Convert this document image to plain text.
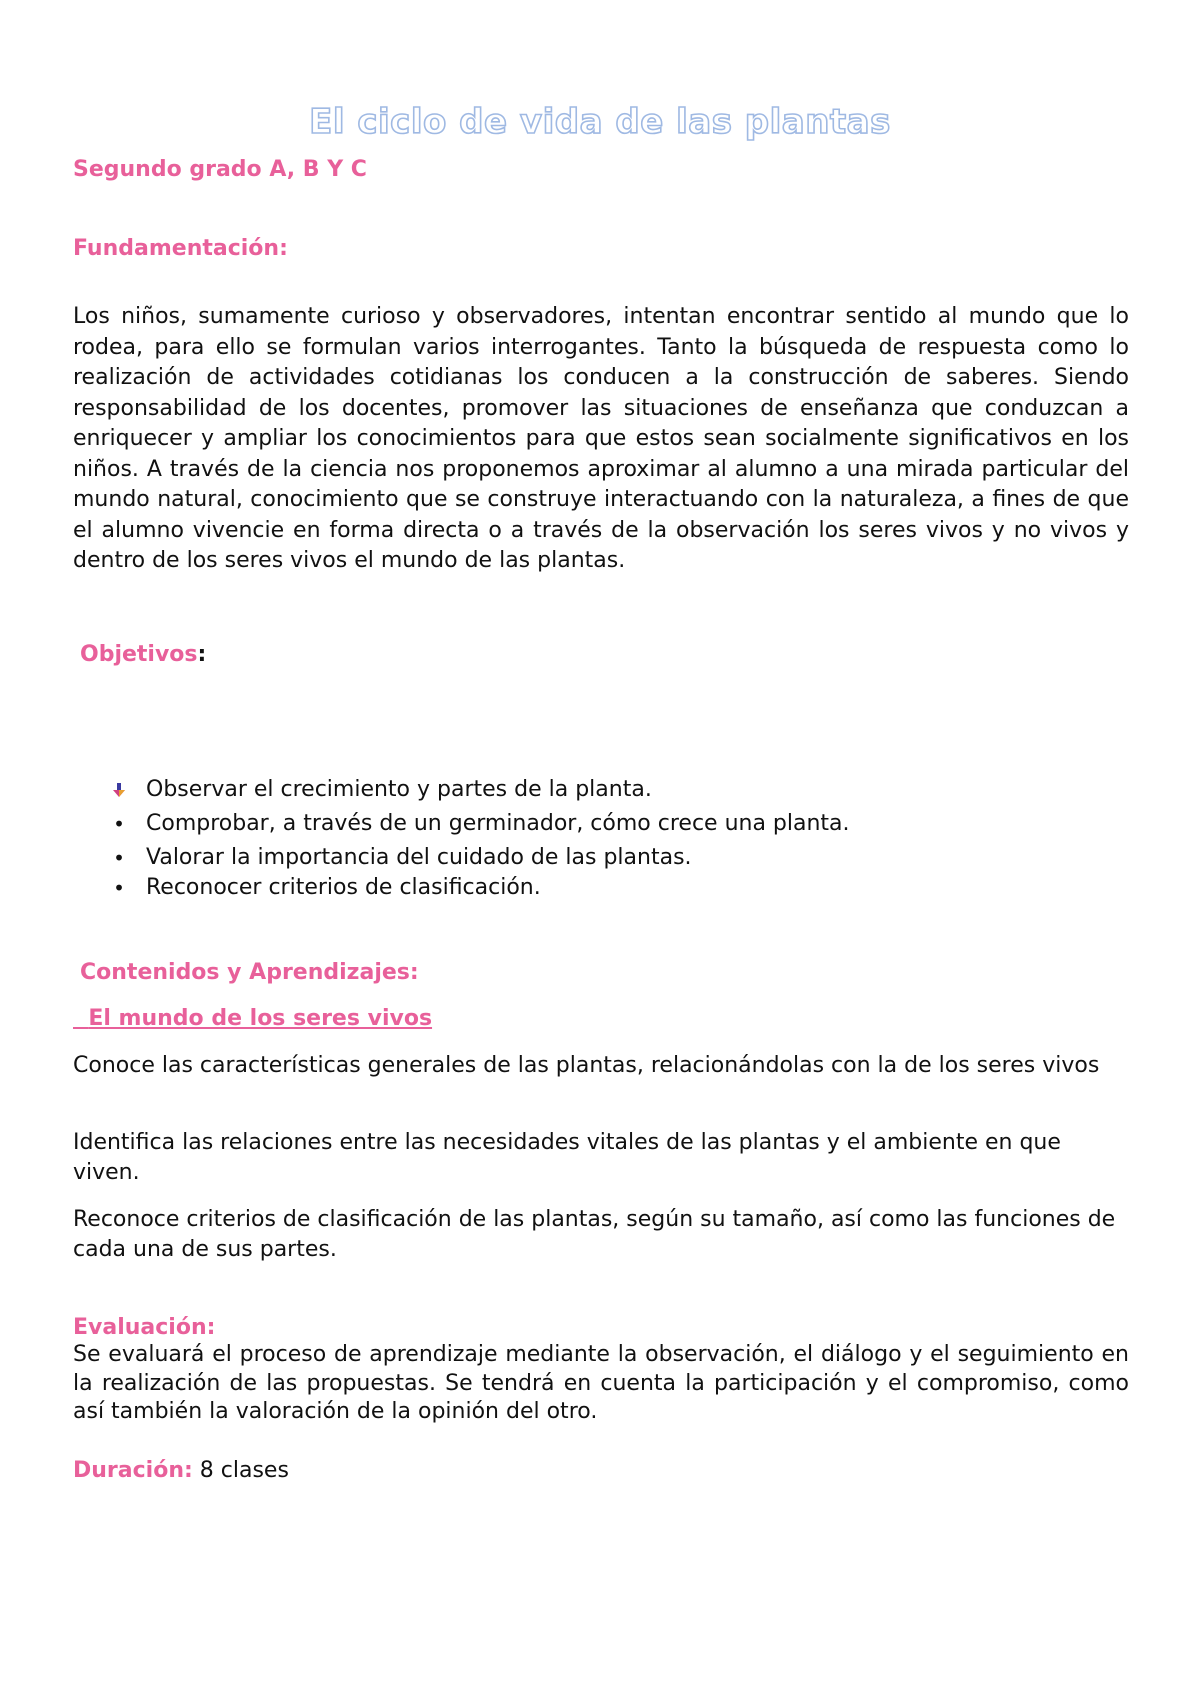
El ciclo de vida de las plantas
Segundo grado A, B Y C
Fundamentación:
Los niños, sumamente curioso y observadores, intentan encontrar sentido al mundo que lo rodea, para ello se formulan varios interrogantes. Tanto la búsqueda de respuesta como lo realización de actividades cotidianas los conducen a la construcción de saberes. Siendo responsabilidad de los docentes, promover las situaciones de enseñanza que conduzcan a enriquecer y ampliar los conocimientos para que estos sean socialmente significativos en los niños. A través de la ciencia nos proponemos aproximar al alumno a una mirada particular del mundo natural, conocimiento que se construye interactuando con la naturaleza, a fines de que el alumno vivencie en forma directa o a través de la observación los seres vivos y no vivos y dentro de los seres vivos el mundo de las plantas.
Objetivos:
Observar el crecimiento y partes de la planta.
• Comprobar, a través de un germinador, cómo crece una planta.
• Valorar la importancia del cuidado de las plantas.
• Reconocer criterios de clasificación.
Contenidos y Aprendizajes:
El mundo de los seres vivos
Conoce las características generales de las plantas, relacionándolas con la de los seres vivos
Identifica las relaciones entre las necesidades vitales de las plantas y el ambiente en que viven.
Reconoce criterios de clasificación de las plantas, según su tamaño, así como las funciones de cada una de sus partes.
Evaluación:
Se evaluará el proceso de aprendizaje mediante la observación, el diálogo y el seguimiento en la realización de las propuestas. Se tendrá en cuenta la participación y el compromiso, como así también la valoración de la opinión del otro.
Duración: 8 clases
